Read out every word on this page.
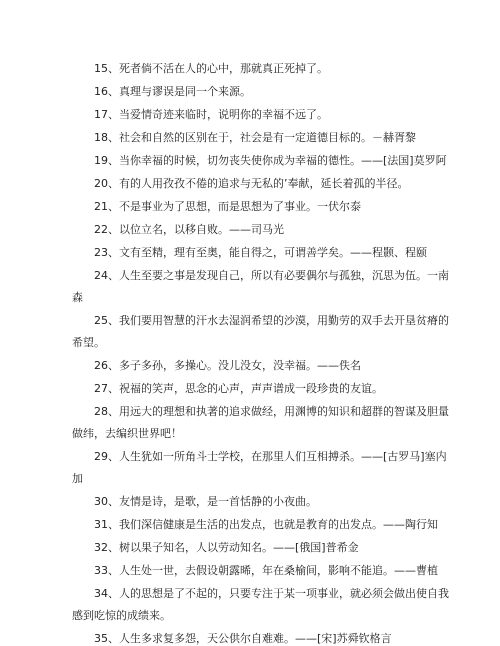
15、死者倘不活在人的心中，那就真正死掉了。
16、真理与谬误是同一个来源。
17、当爱情奇迹来临时，说明你的幸福不远了。
18、社会和自然的区别在于，社会是有一定道德目标的。－赫胥黎
19、当你幸福的时候，切勿丧失使你成为幸福的德性。——[法国]莫罗阿
20、有的人用孜孜不倦的追求与无私的’奉献，延长着孤的半径。
21、不是事业为了思想，而是思想为了事业。一伏尔泰
22、以位立名，以移自败。——司马光
23、文有至精，理有至奥，能自得之，可谓善学矣。——程颢、程颐
24、人生至要之事是发现自己，所以有必要偶尔与孤独，沉思为伍。一南
森
25、我们要用智慧的汗水去湿润希望的沙漠，用勤劳的双手去开垦贫瘠的
希望。
26、多子多孙，多操心。没儿没女，没幸福。——佚名
27、祝福的笑声，思念的心声，声声谱成一段珍贵的友谊。
28、用远大的理想和执著的追求做经，用渊博的知识和超群的智谋及胆量
做纬，去编织世界吧！
29、人生犹如一所角斗士学校，在那里人们互相搏杀。——[古罗马]塞内
加
30、友情是诗，是歌，是一首恬静的小夜曲。
31、我们深信健康是生活的出发点，也就是教育的出发点。——陶行知
32、树以果子知名，人以劳动知名。——[俄国]普希金
33、人生处一世，去假设朝露晞，年在桑榆间，影响不能追。——曹植
34、人的思想是了不起的，只要专注于某一项事业，就必须会做出使自我
感到吃惊的成绩来。
35、人生多求复多怨，天公供尔自难难。——[宋]苏舜钦格言
